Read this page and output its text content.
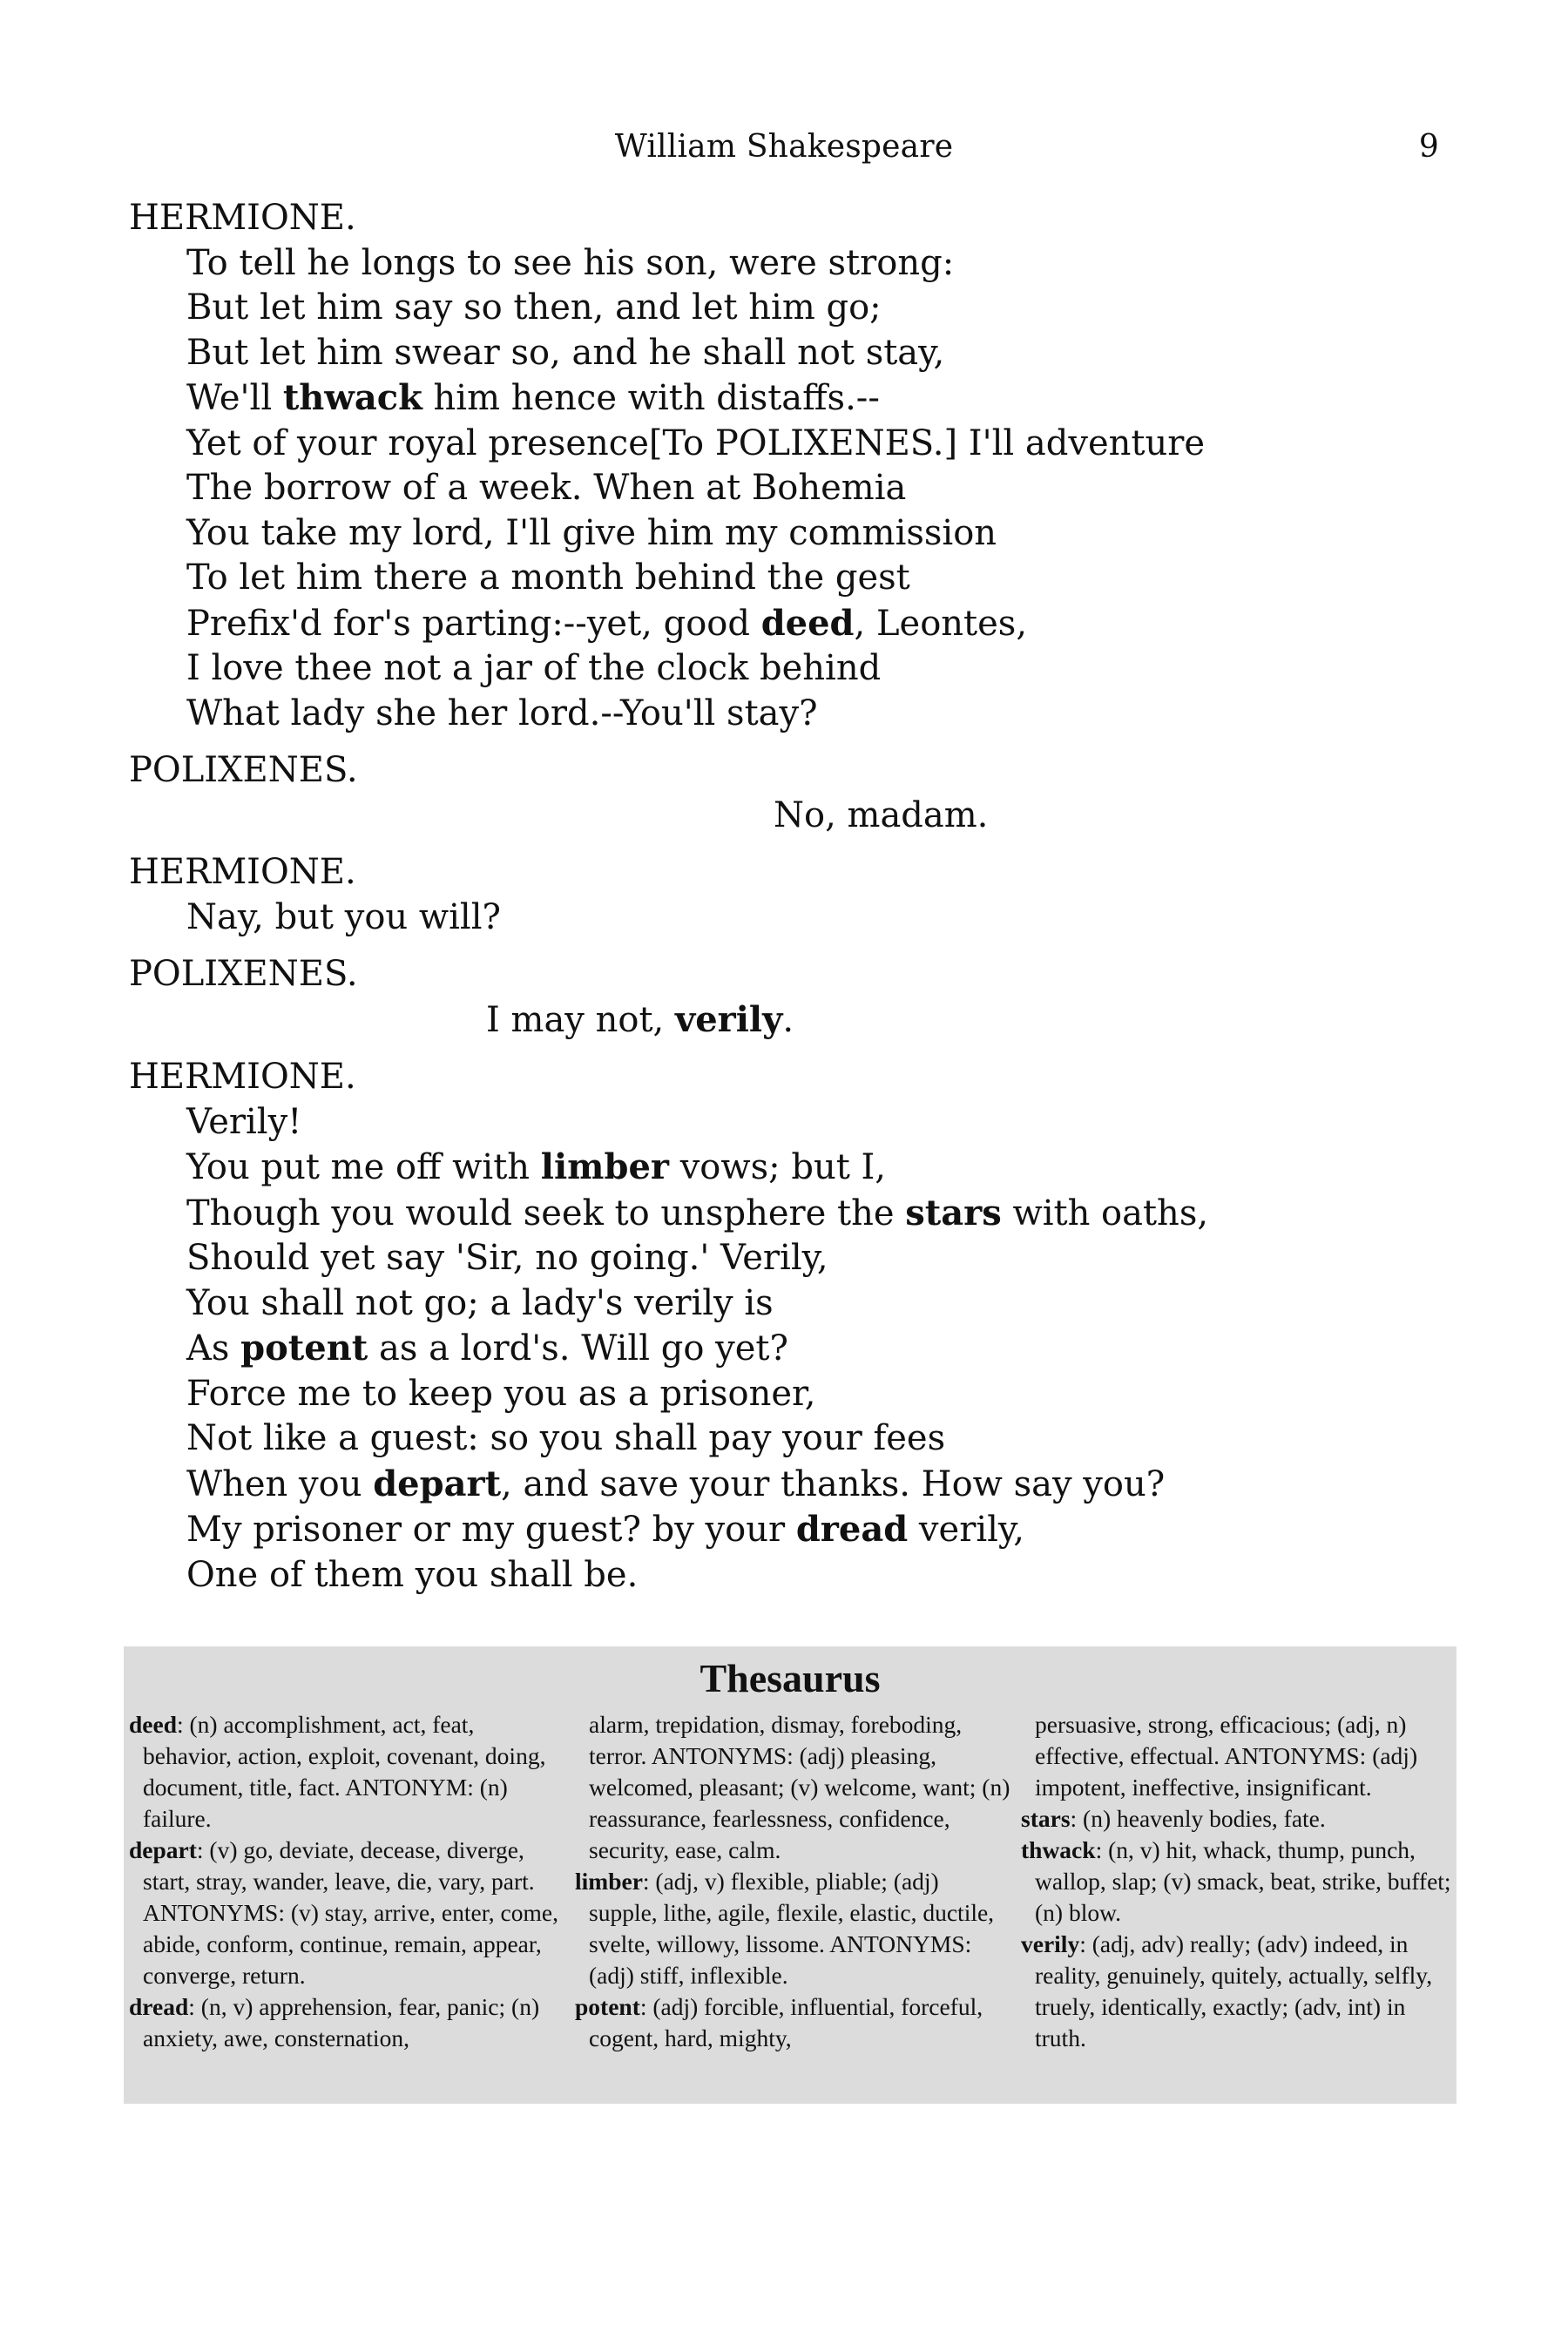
William Shakespeare	9

HERMIONE.

To tell he longs to see his son, were strong:

But let him say so then, and let him go;

But let him swear so, and he shall not stay,

We'll thwack him hence with distaffs.--

Yet of your royal presence[To POLIXENES.] I'll adventure

The borrow of a week. When at Bohemia

You take my lord, I'll give him my commission

To let him there a month behind the gest

Prefix'd for's parting:--yet, good deed, Leontes,

I love thee not a jar of the clock behind

What lady she her lord.--You'll stay?

POLIXENES.

No, madam.

HERMIONE.

Nay, but you will?

POLIXENES.

I may not, verily.

HERMIONE.

Verily!

You put me off with limber vows; but I,

Though you would seek to unsphere the stars with oaths,

Should yet say 'Sir, no going.' Verily,

You shall not go; a lady's verily is

As potent as a lord's. Will go yet?

Force me to keep you as a prisoner,

Not like a guest: so you shall pay your fees

When you depart, and save your thanks. How say you?

My prisoner or my guest? by your dread verily,

One of them you shall be.

Thesaurus

deed: (n) accomplishment, act, feat, behavior, action, exploit, covenant, doing, document, title, fact. ANTONYM: (n) failure.

depart: (v) go, deviate, decease, diverge, start, stray, wander, leave, die, vary, part. ANTONYMS: (v) stay, arrive, enter, come, abide, conform, continue, remain, appear, converge, return.

dread: (n, v) apprehension, fear, panic; (n) anxiety, awe, consternation,

alarm, trepidation, dismay, foreboding, terror. ANTONYMS: (adj) pleasing, welcomed, pleasant; (v) welcome, want; (n) reassurance, fearlessness, confidence, security, ease, calm.

limber: (adj, v) flexible, pliable; (adj) supple, lithe, agile, flexile, elastic, ductile, svelte, willowy, lissome. ANTONYMS: (adj) stiff, inflexible.

potent: (adj) forcible, influential, forceful, cogent, hard, mighty,

persuasive, strong, efficacious; (adj, n) effective, effectual. ANTONYMS: (adj) impotent, ineffective, insignificant.

stars: (n) heavenly bodies, fate.

thwack: (n, v) hit, whack, thump, punch, wallop, slap; (v) smack, beat, strike, buffet; (n) blow.

verily: (adj, adv) really; (adv) indeed, in reality, genuinely, quitely, actually, selfly, truely, identically, exactly; (adv, int) in truth.
